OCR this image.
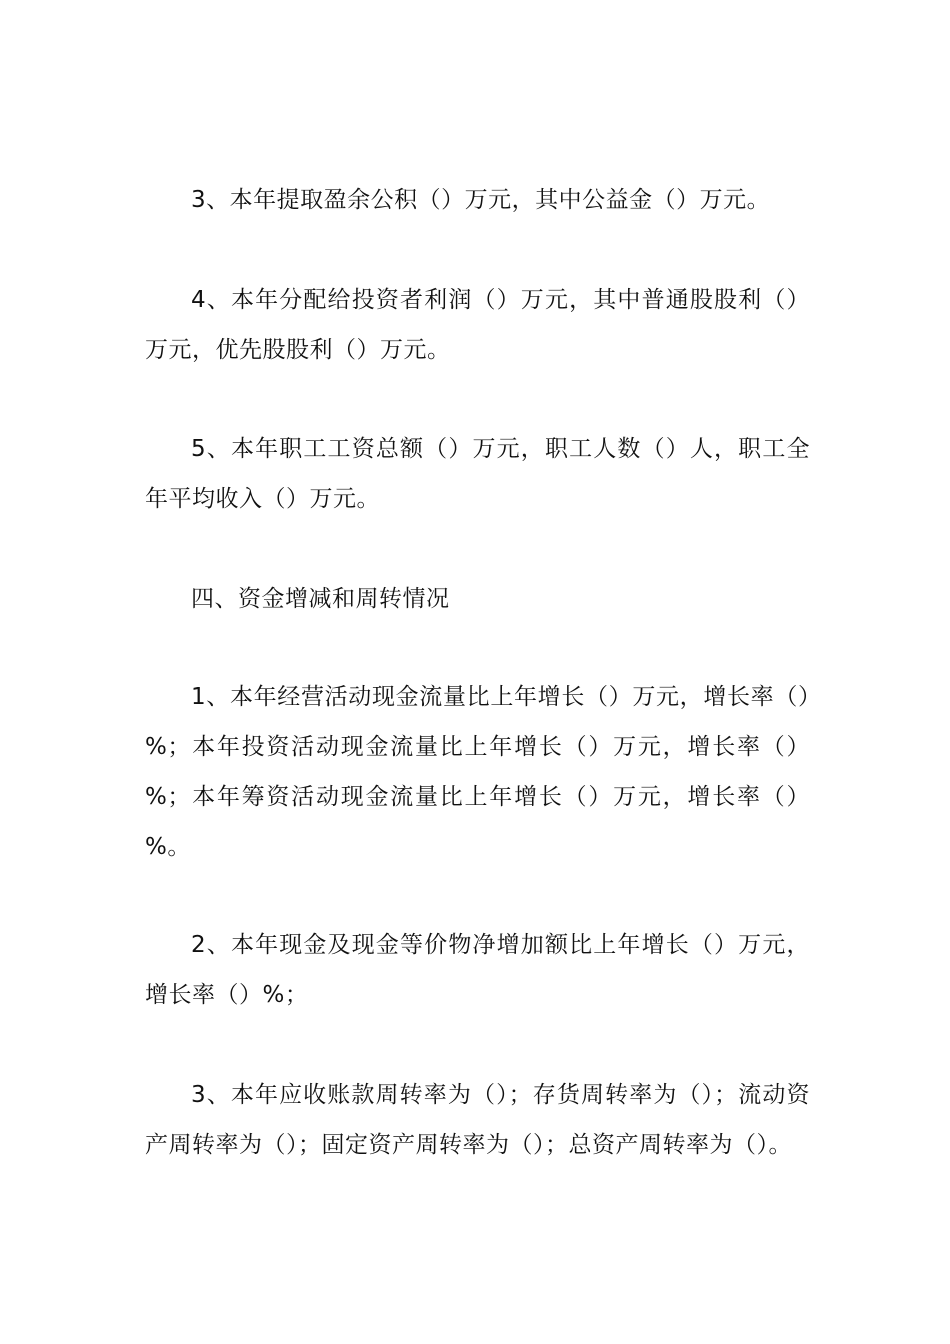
3、本年提取盈余公积（）万元，其中公益金（）万元。

4、本年分配给投资者利润（）万元，其中普通股股利（）万元，优先股股利（）万元。

5、本年职工工资总额（）万元，职工人数（）人，职工全年平均收入（）万元。

四、资金增减和周转情况

1、本年经营活动现金流量比上年增长（）万元，增长率（）%；本年投资活动现金流量比上年增长（）万元，增长率（）%；本年筹资活动现金流量比上年增长（）万元，增长率（）%。

2、本年现金及现金等价物净增加额比上年增长（）万元，增长率（）%；

3、本年应收账款周转率为（）；存货周转率为（）；流动资产周转率为（）；固定资产周转率为（）；总资产周转率为（）。
